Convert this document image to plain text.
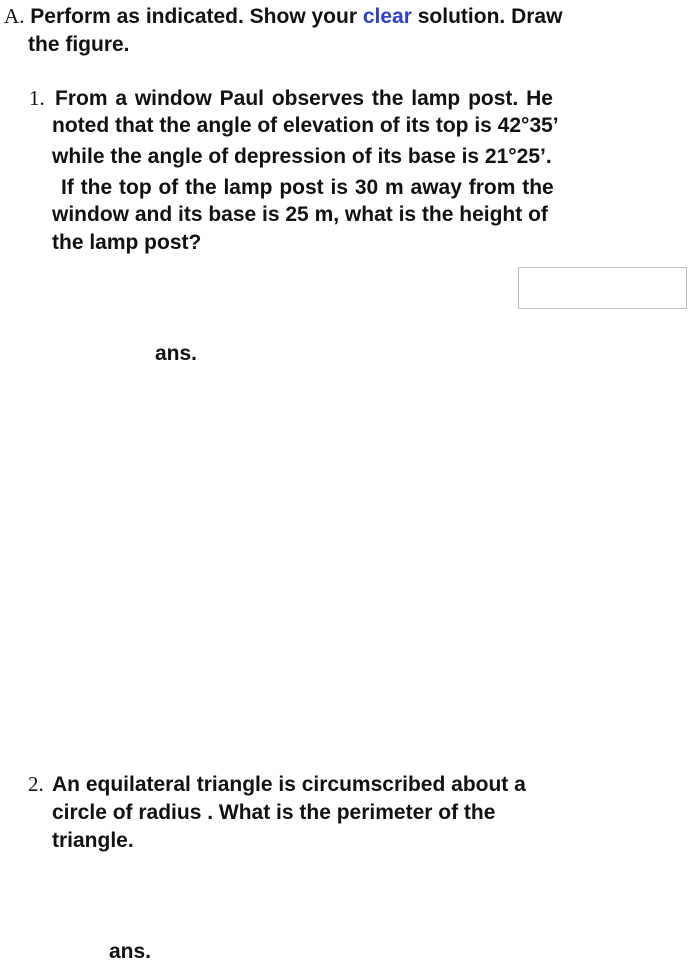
A. Perform as indicated. Show your clear solution. Draw
the figure.
1. From a window Paul observes the lamp post. He
noted that the angle of elevation of its top is 42°35’
while the angle of depression of its base is 21°25’.
If the top of the lamp post is 30 m away from the
window and its base is 25 m, what is the height of
the lamp post?
ans.
2. An equilateral triangle is circumscribed about a
circle of radius . What is the perimeter of the
triangle.
ans.
